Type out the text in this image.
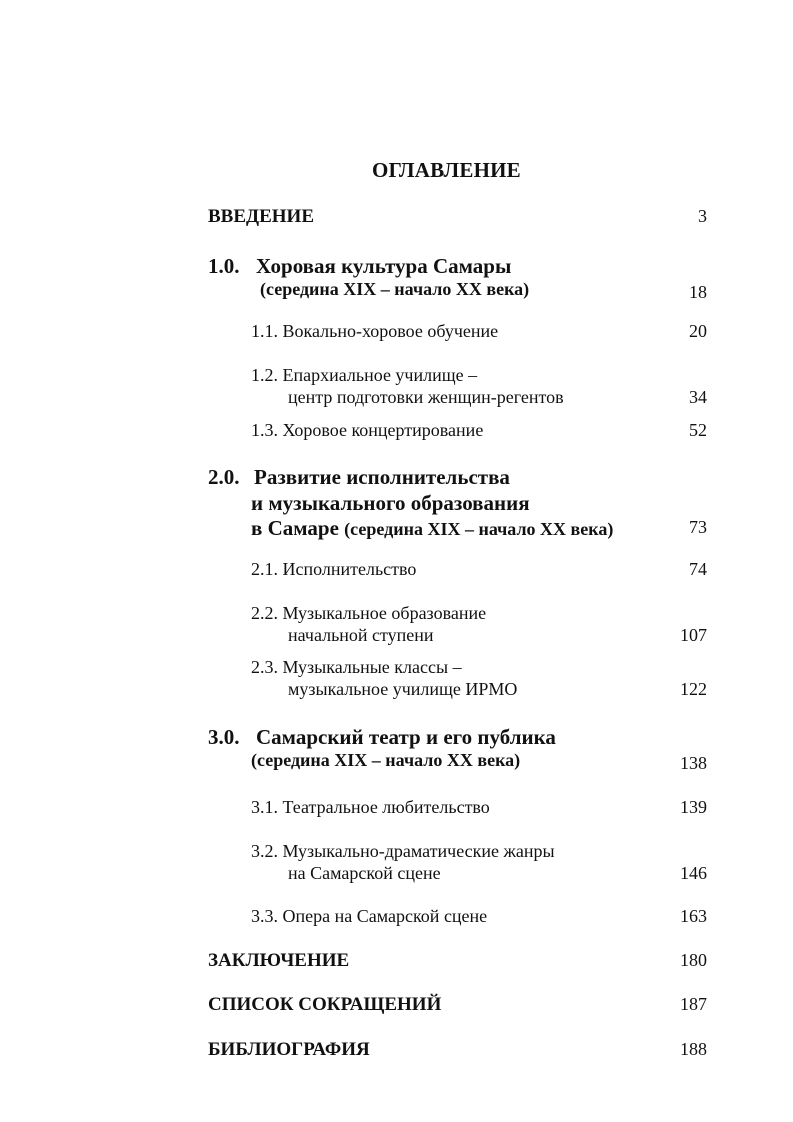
ОГЛАВЛЕНИЕ
ВВЕДЕНИЕ	3
1.0. Хоровая культура Самары
(середина XIX – начало XX века)	18
1.1. Вокально-хоровое обучение	20
1.2. Епархиальное училище –
центр подготовки женщин-регентов	34
1.3. Хоровое концертирование	52
2.0. Развитие исполнительства
и музыкального образования
в Самаре (середина XIX – начало XX века)	73
2.1. Исполнительство	74
2.2. Музыкальное образование
начальной ступени	107
2.3. Музыкальные классы –
музыкальное училище ИРМО	122
3.0. Самарский театр и его публика
(середина XIX – начало XX века)	138
3.1. Театральное любительство	139
3.2. Музыкально-драматические жанры
на Самарской сцене	146
3.3. Опера на Самарской сцене	163
ЗАКЛЮЧЕНИЕ	180
СПИСОК СОКРАЩЕНИЙ	187
БИБЛИОГРАФИЯ	188
